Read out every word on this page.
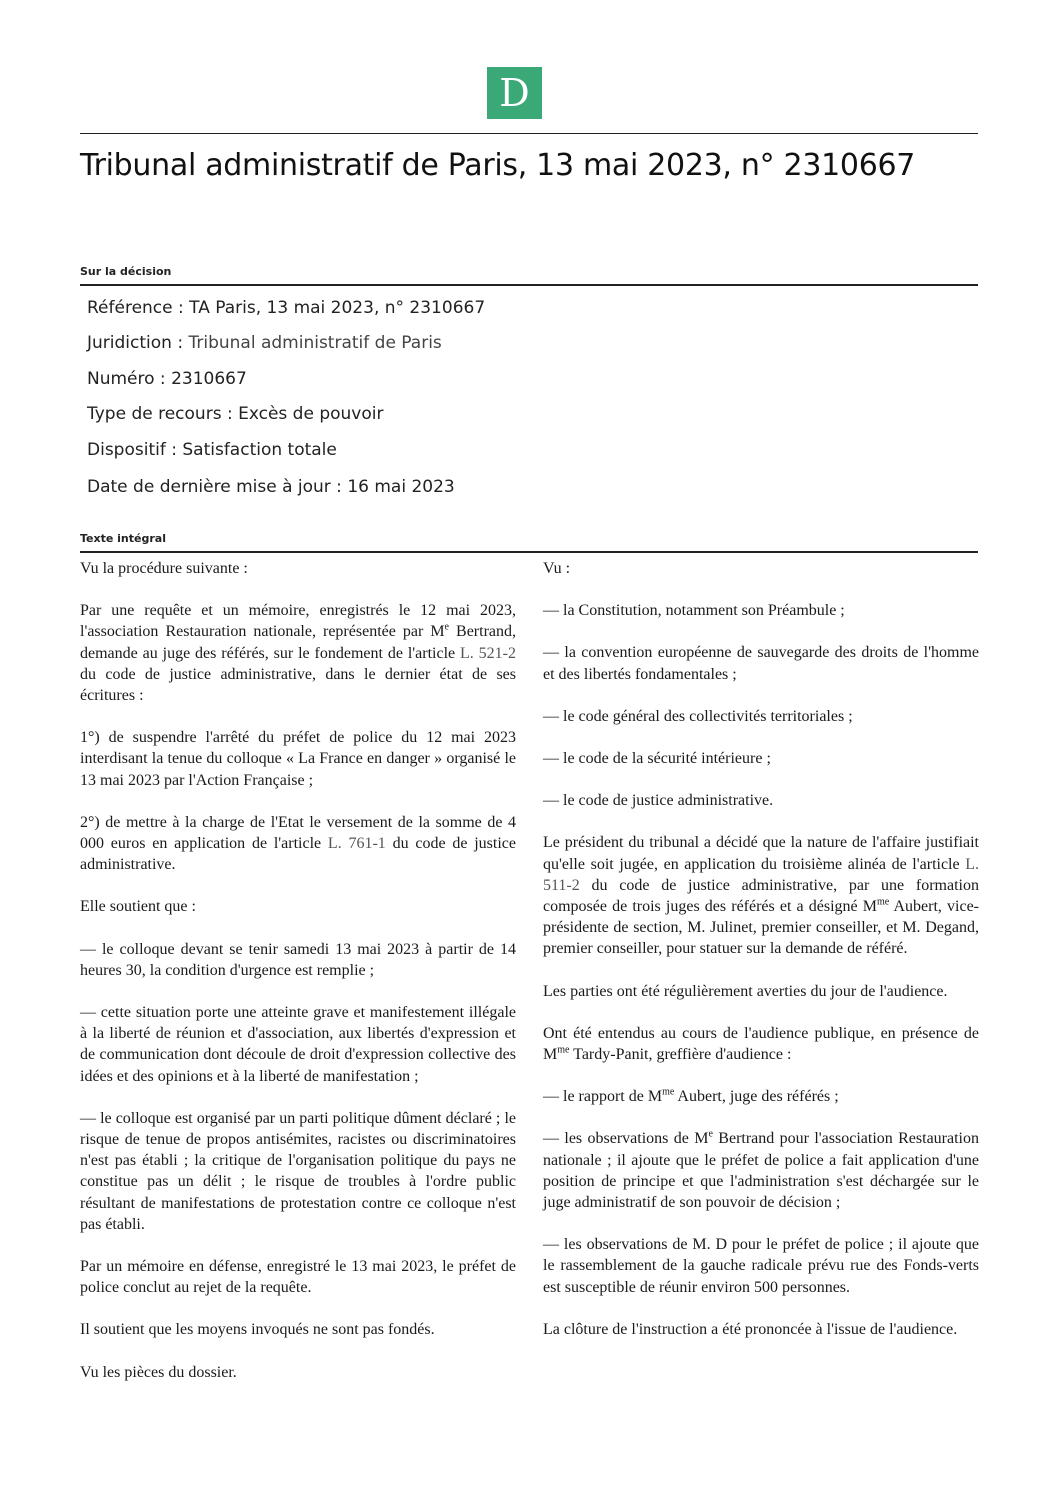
D
Tribunal administratif de Paris, 13 mai 2023, n° 2310667
Sur la décision

Référence : TA Paris, 13 mai 2023, n° 2310667

Juridiction : Tribunal administratif de Paris

Numéro : 2310667

Type de recours : Excès de pouvoir

Dispositif : Satisfaction totale

Date de dernière mise à jour : 16 mai 2023

Texte intégral

Vu la procédure suivante :

Par une requête et un mémoire, enregistrés le 12 mai 2023, l'association Restauration nationale, représentée par Me Bertrand, demande au juge des référés, sur le fondement de l'article L. 521-2 du code de justice administrative, dans le dernier état de ses écritures :

1°) de suspendre l'arrêté du préfet de police du 12 mai 2023 interdisant la tenue du colloque « La France en danger » organisé le 13 mai 2023 par l'Action Française ;

2°) de mettre à la charge de l'Etat le versement de la somme de 4 000 euros en application de l'article L. 761-1 du code de justice administrative.

Elle soutient que :

— le colloque devant se tenir samedi 13 mai 2023 à partir de 14 heures 30, la condition d'urgence est remplie ;

— cette situation porte une atteinte grave et manifestement illégale à la liberté de réunion et d'association, aux libertés d'expression et de communication dont découle de droit d'expression collective des idées et des opinions et à la liberté de manifestation ;

— le colloque est organisé par un parti politique dûment déclaré ; le risque de tenue de propos antisémites, racistes ou discriminatoires n'est pas établi ; la critique de l'organisation politique du pays ne constitue pas un délit ; le risque de troubles à l'ordre public résultant de manifestations de protestation contre ce colloque n'est pas établi.

Par un mémoire en défense, enregistré le 13 mai 2023, le préfet de police conclut au rejet de la requête.

Il soutient que les moyens invoqués ne sont pas fondés.

Vu les pièces du dossier.

Vu :

— la Constitution, notamment son Préambule ;

— la convention européenne de sauvegarde des droits de l'homme et des libertés fondamentales ;

— le code général des collectivités territoriales ;

— le code de la sécurité intérieure ;

— le code de justice administrative.

Le président du tribunal a décidé que la nature de l'affaire justifiait qu'elle soit jugée, en application du troisième alinéa de l'article L. 511-2 du code de justice administrative, par une formation composée de trois juges des référés et a désigné $M^{me}$ Aubert, vice-présidente de section, M. Julinet, premier conseiller, et M. Degand, premier conseiller, pour statuer sur la demande de référé.

Les parties ont été régulièrement averties du jour de l'audience.

Ont été entendus au cours de l'audience publique, en présence de $M^{me}$ Tardy-Panit, greffière d'audience :

— le rapport de $M^{me}$ Aubert, juge des référés ;

— les observations de Me Bertrand pour l'association Restauration nationale ; il ajoute que le préfet de police a fait application d'une position de principe et que l'administration s'est déchargée sur le juge administratif de son pouvoir de décision ;

— les observations de M. D pour le préfet de police ; il ajoute que le rassemblement de la gauche radicale prévu rue des Fonds-verts est susceptible de réunir environ 500 personnes.

La clôture de l'instruction a été prononcée à l'issue de l'audience.
